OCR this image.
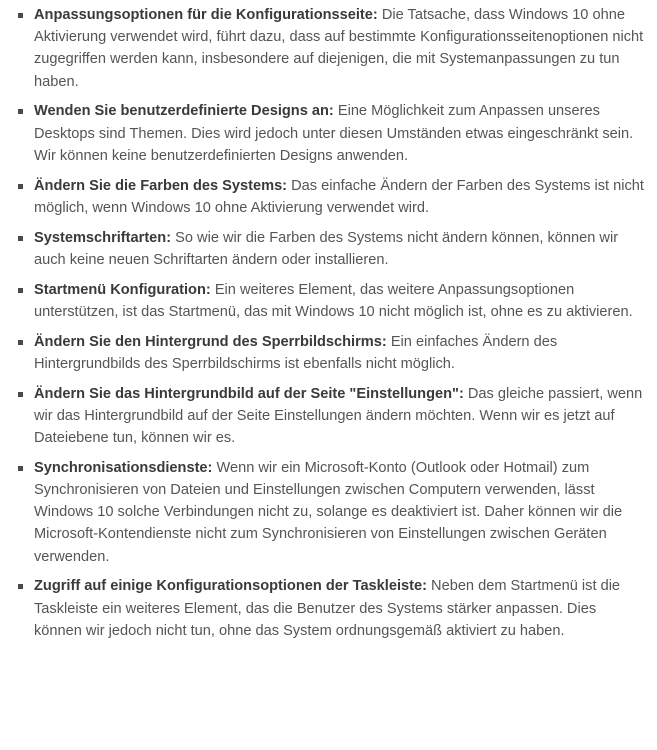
Anpassungsoptionen für die Konfigurationsseite: Die Tatsache, dass Windows 10 ohne Aktivierung verwendet wird, führt dazu, dass auf bestimmte Konfigurationsseitenoptionen nicht zugegriffen werden kann, insbesondere auf diejenigen, die mit Systemanpassungen zu tun haben.
Wenden Sie benutzerdefinierte Designs an: Eine Möglichkeit zum Anpassen unseres Desktops sind Themen. Dies wird jedoch unter diesen Umständen etwas eingeschränkt sein. Wir können keine benutzerdefinierten Designs anwenden.
Ändern Sie die Farben des Systems: Das einfache Ändern der Farben des Systems ist nicht möglich, wenn Windows 10 ohne Aktivierung verwendet wird.
Systemschriftarten: So wie wir die Farben des Systems nicht ändern können, können wir auch keine neuen Schriftarten ändern oder installieren.
Startmenü Konfiguration: Ein weiteres Element, das weitere Anpassungsoptionen unterstützen, ist das Startmenü, das mit Windows 10 nicht möglich ist, ohne es zu aktivieren.
Ändern Sie den Hintergrund des Sperrbildschirms: Ein einfaches Ändern des Hintergrundbilds des Sperrbildschirms ist ebenfalls nicht möglich.
Ändern Sie das Hintergrundbild auf der Seite "Einstellungen": Das gleiche passiert, wenn wir das Hintergrundbild auf der Seite Einstellungen ändern möchten. Wenn wir es jetzt auf Dateiebene tun, können wir es.
Synchronisationsdienste: Wenn wir ein Microsoft-Konto (Outlook oder Hotmail) zum Synchronisieren von Dateien und Einstellungen zwischen Computern verwenden, lässt Windows 10 solche Verbindungen nicht zu, solange es deaktiviert ist. Daher können wir die Microsoft-Kontendienste nicht zum Synchronisieren von Einstellungen zwischen Geräten verwenden.
Zugriff auf einige Konfigurationsoptionen der Taskleiste: Neben dem Startmenü ist die Taskleiste ein weiteres Element, das die Benutzer des Systems stärker anpassen. Dies können wir jedoch nicht tun, ohne das System ordnungsgemäß aktiviert zu haben.
